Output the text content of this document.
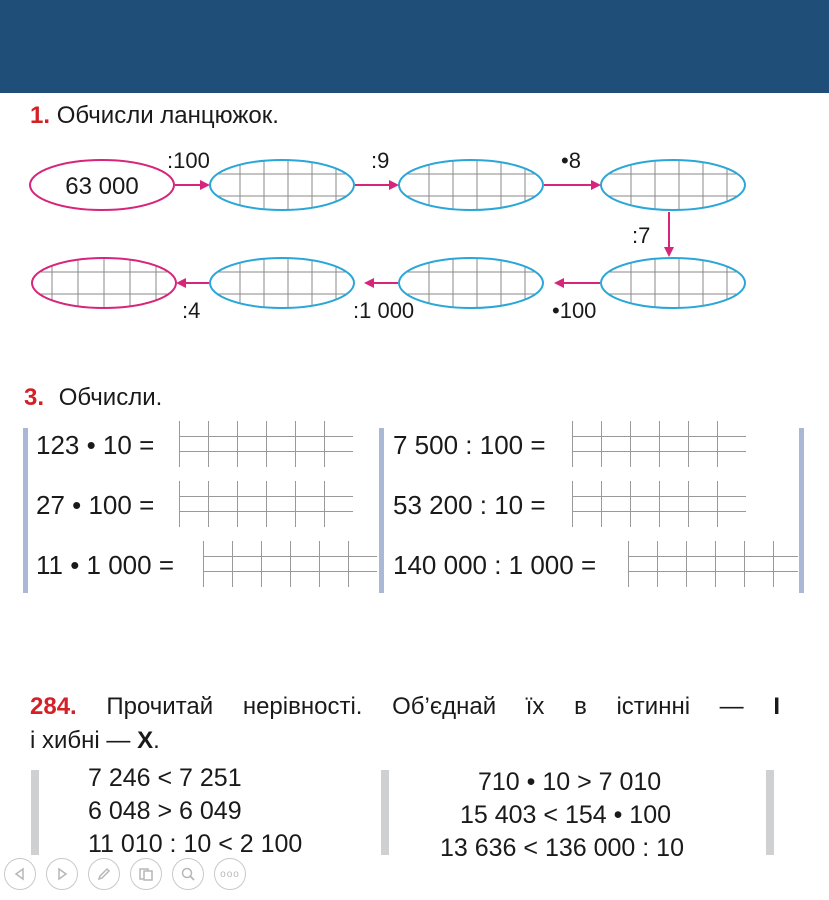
1. Обчисли ланцюжок.
63 000
:100	:9	•8
:7
•100
:1 000
:4
3. Обчисли.
123 • 10 =
27 • 100 =
11 • 1 000 =
7 500 : 100 =
53 200 : 10 =
140 000 : 1 000 =
284. Прочитай нерівності. Об’єднай їх в істинні — І
і хибні — Х.
7 246 < 7 251
6 048 > 6 049
11 010 : 10 < 2 100
710 • 10 > 7 010
15 403 < 154 • 100
13 636 < 136 000 : 10
ooo
